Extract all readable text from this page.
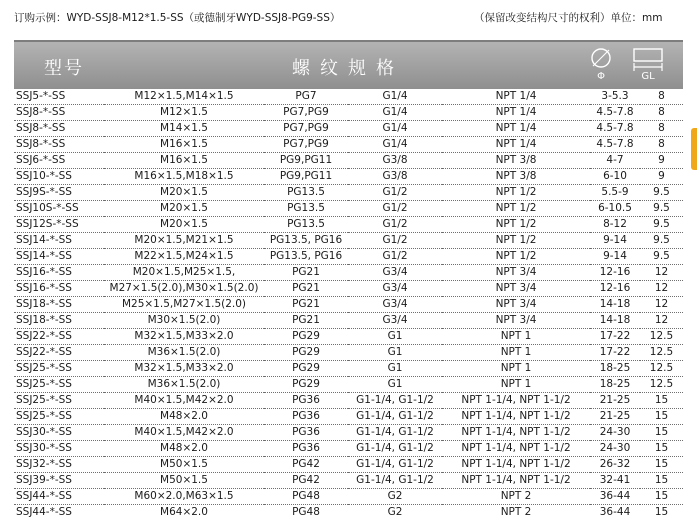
订购示例：WYD-SSJ8-M12*1.5-SS（或德制牙WYD-SSJ8-PG9-SS）	（保留改变结构尺寸的权利）单位：mm
型号	螺纹规格	Φ	GL
SSJ5-*-SS	M12×1.5,M14×1.5	PG7	G1/4	NPT 1/4	3-5.3	8
SSJ8-*-SS	M12×1.5	PG7,PG9	G1/4	NPT 1/4	4.5-7.8	8
SSJ8-*-SS	M14×1.5	PG7,PG9	G1/4	NPT 1/4	4.5-7.8	8
SSJ8-*-SS	M16×1.5	PG7,PG9	G1/4	NPT 1/4	4.5-7.8	8
SSJ6-*-SS	M16×1.5	PG9,PG11	G3/8	NPT 3/8	4-7	9
SSJ10-*-SS	M16×1.5,M18×1.5	PG9,PG11	G3/8	NPT 3/8	6-10	9
SSJ9S-*-SS	M20×1.5	PG13.5	G1/2	NPT 1/2	5.5-9	9.5
SSJ10S-*-SS	M20×1.5	PG13.5	G1/2	NPT 1/2	6-10.5	9.5
SSJ12S-*-SS	M20×1.5	PG13.5	G1/2	NPT 1/2	8-12	9.5
SSJ14-*-SS	M20×1.5,M21×1.5	PG13.5, PG16	G1/2	NPT 1/2	9-14	9.5
SSJ14-*-SS	M22×1.5,M24×1.5	PG13.5, PG16	G1/2	NPT 1/2	9-14	9.5
SSJ16-*-SS	M20×1.5,M25×1.5,	PG21	G3/4	NPT 3/4	12-16	12
SSJ16-*-SS	M27×1.5(2.0),M30×1.5(2.0)	PG21	G3/4	NPT 3/4	12-16	12
SSJ18-*-SS	M25×1.5,M27×1.5(2.0)	PG21	G3/4	NPT 3/4	14-18	12
SSJ18-*-SS	M30×1.5(2.0)	PG21	G3/4	NPT 3/4	14-18	12
SSJ22-*-SS	M32×1.5,M33×2.0	PG29	G1	NPT 1	17-22	12.5
SSJ22-*-SS	M36×1.5(2.0)	PG29	G1	NPT 1	17-22	12.5
SSJ25-*-SS	M32×1.5,M33×2.0	PG29	G1	NPT 1	18-25	12.5
SSJ25-*-SS	M36×1.5(2.0)	PG29	G1	NPT 1	18-25	12.5
SSJ25-*-SS	M40×1.5,M42×2.0	PG36	G1-1/4, G1-1/2	NPT 1-1/4, NPT 1-1/2	21-25	15
SSJ25-*-SS	M48×2.0	PG36	G1-1/4, G1-1/2	NPT 1-1/4, NPT 1-1/2	21-25	15
SSJ30-*-SS	M40×1.5,M42×2.0	PG36	G1-1/4, G1-1/2	NPT 1-1/4, NPT 1-1/2	24-30	15
SSJ30-*-SS	M48×2.0	PG36	G1-1/4, G1-1/2	NPT 1-1/4, NPT 1-1/2	24-30	15
SSJ32-*-SS	M50×1.5	PG42	G1-1/4, G1-1/2	NPT 1-1/4, NPT 1-1/2	26-32	15
SSJ39-*-SS	M50×1.5	PG42	G1-1/4, G1-1/2	NPT 1-1/4, NPT 1-1/2	32-41	15
SSJ44-*-SS	M60×2.0,M63×1.5	PG48	G2	NPT 2	36-44	15
SSJ44-*-SS	M64×2.0	PG48	G2	NPT 2	36-44	15
